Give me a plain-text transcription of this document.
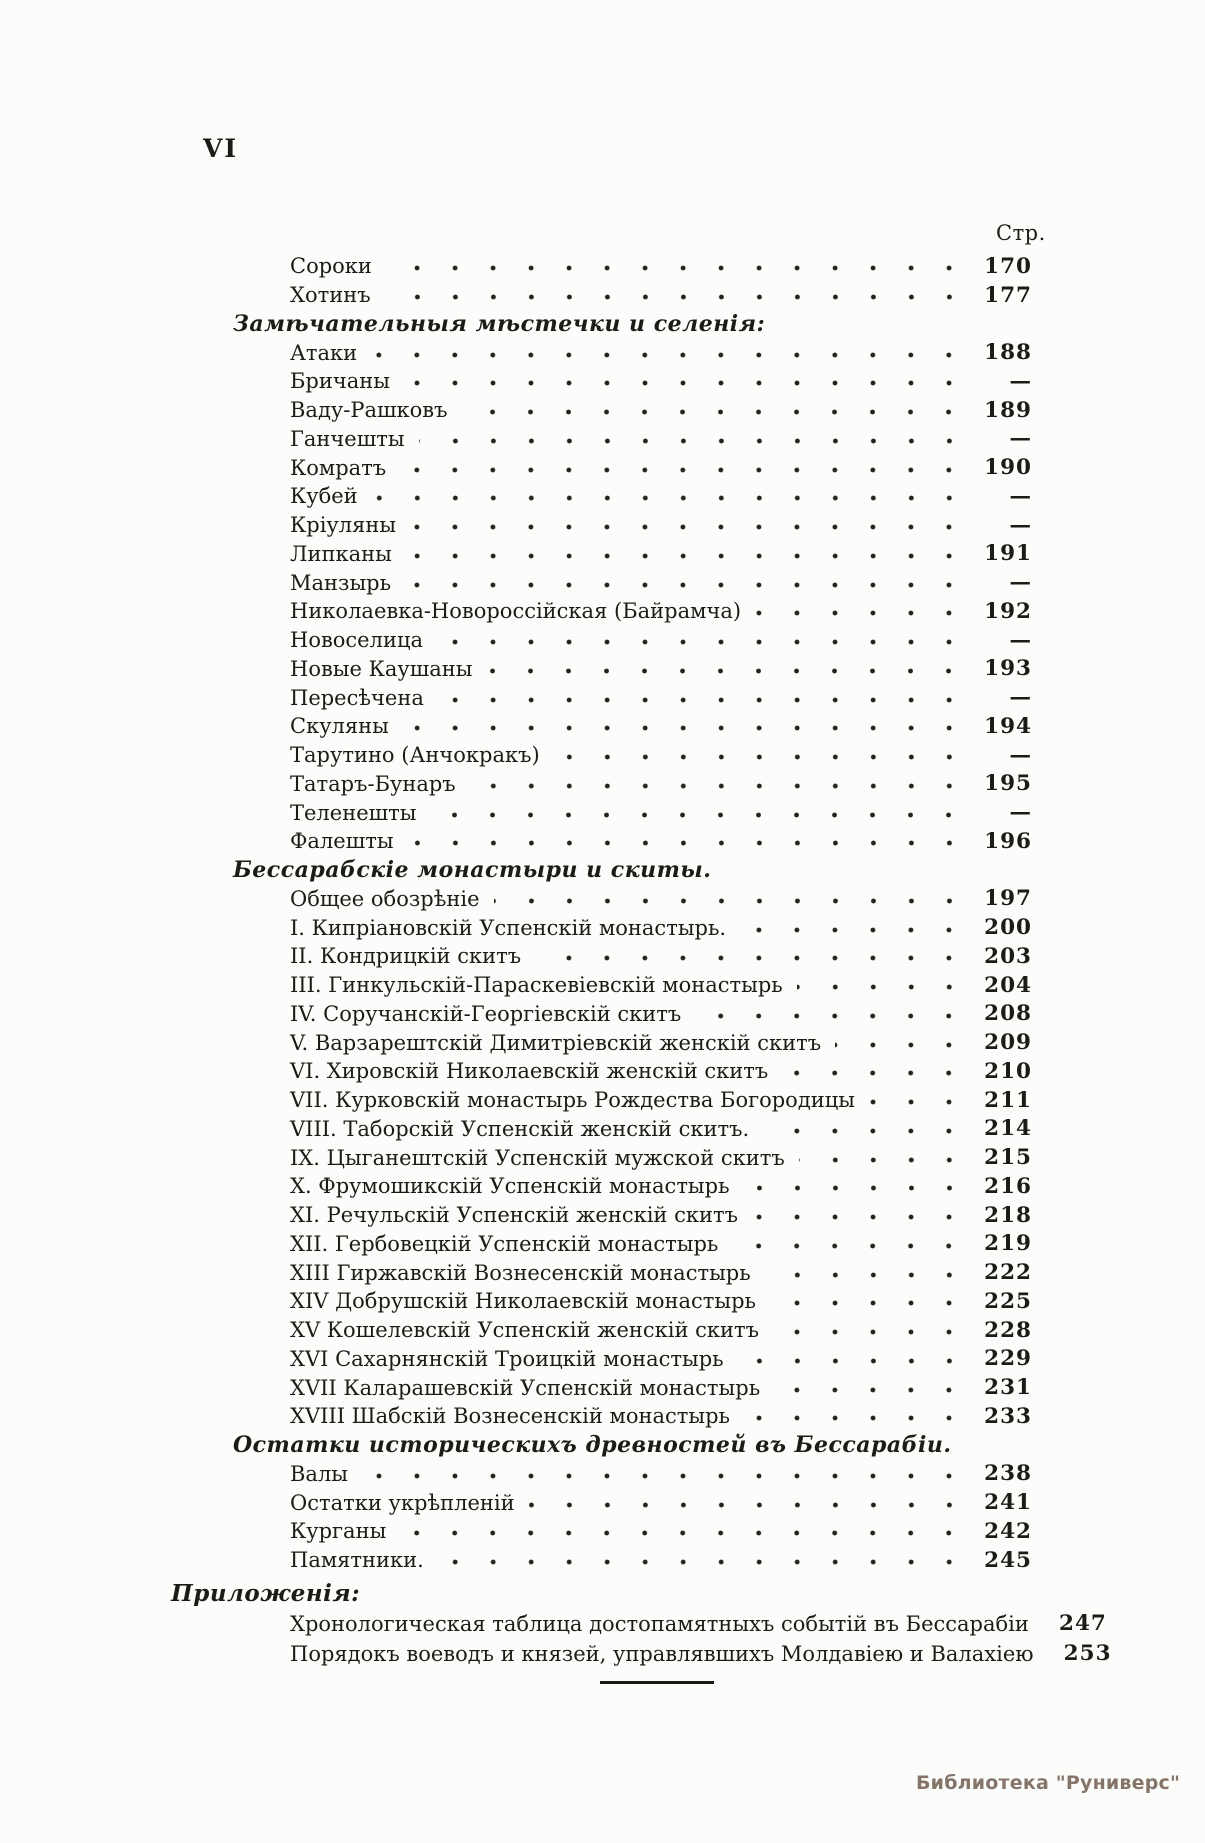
VI
Стр.
Сороки	170
Хотинъ	177
Замѣчательныя мѣстечки и селенія:
Атаки	188
Бричаны	—
Ваду-Рашковъ	189
Ганчешты	—
Комратъ	190
Кубей	—
Кріуляны	—
Липканы	191
Манзырь	—
Николаевка-Новороссійская (Байрамча)	192
Новоселица	—
Новые Каушаны	193
Пересѣчена	—
Скуляны	194
Тарутино (Анчокракъ)	—
Татаръ-Бунаръ	195
Теленешты	—
Фалешты	196
Бессарабскіе монастыри и скиты.
Общее обозрѣніе	197
I. Кипріановскій Успенскій монастырь.	200
II. Кондрицкій скитъ	203
III. Гинкульскій-Параскевіевскій монастырь	204
IV. Соручанскій-Георгіевскій скитъ	208
V. Варзарештскій Димитріевскій женскій скитъ	209
VI. Хировскій Николаевскій женскій скитъ	210
VII. Курковскій монастырь Рождества Богородицы	211
VIII. Таборскій Успенскій женскій скитъ.	214
IX. Цыганештскій Успенскій мужской скитъ	215
X. Фрумошикскій Успенскій монастырь	216
XI. Речульскій Успенскій женскій скитъ	218
XII. Гербовецкій Успенскій монастырь	219
XIII Гиржавскій Вознесенскій монастырь	222
XIV Добрушскій Николаевскій монастырь	225
XV Кошелевскій Успенскій женскій скитъ	228
XVI Сахарнянскій Троицкій монастырь	229
XVII Каларашевскій Успенскій монастырь	231
XVIII Шабскій Вознесенскій монастырь	233
Остатки историческихъ древностей въ Бессарабіи.
Валы	238
Остатки укрѣпленій	241
Курганы	242
Памятники.	245
Приложенія:
Хронологическая таблица достопамятныхъ событій въ Бессарабіи 247
Порядокъ воеводъ и князей, управлявшихъ Молдавіею и Валахіею 253
Библиотека "Руниверс"
